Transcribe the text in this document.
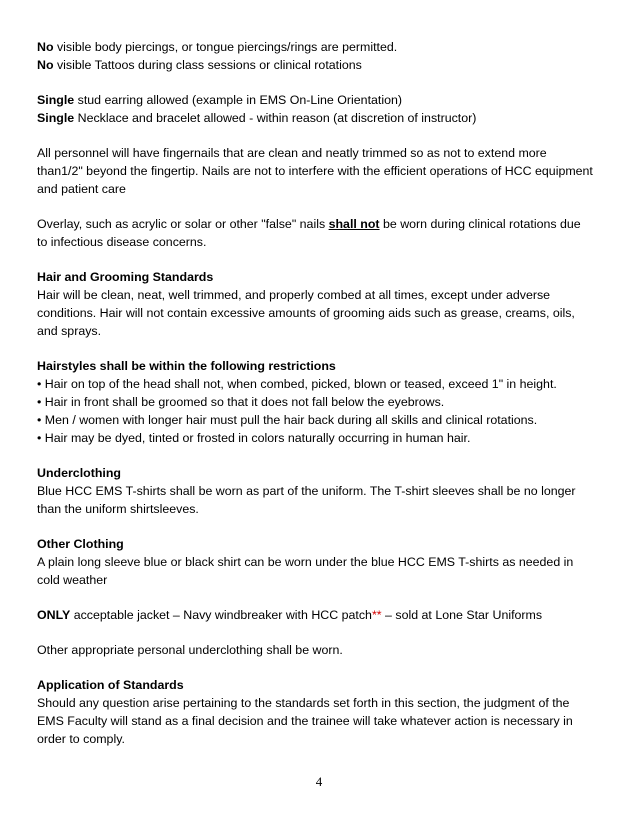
No visible body piercings, or tongue piercings/rings are permitted.
No visible Tattoos during class sessions or clinical rotations
Single stud earring allowed (example in EMS On-Line Orientation)
Single Necklace and bracelet allowed - within reason (at discretion of instructor)
All personnel will have fingernails that are clean and neatly trimmed so as not to extend more
than1/2" beyond the fingertip. Nails are not to interfere with the efficient operations of HCC equipment
and patient care
Overlay, such as acrylic or solar or other "false" nails shall not be worn during clinical rotations due
to infectious disease concerns.
Hair and Grooming Standards
Hair will be clean, neat, well trimmed, and properly combed at all times, except under adverse
conditions. Hair will not contain excessive amounts of grooming aids such as grease, creams, oils,
and sprays.
Hairstyles shall be within the following restrictions
• Hair on top of the head shall not, when combed, picked, blown or teased, exceed 1" in height.
• Hair in front shall be groomed so that it does not fall below the eyebrows.
• Men / women with longer hair must pull the hair back during all skills and clinical rotations.
• Hair may be dyed, tinted or frosted in colors naturally occurring in human hair.
Underclothing
Blue HCC EMS T-shirts shall be worn as part of the uniform. The T-shirt sleeves shall be no longer
than the uniform shirtsleeves.
Other Clothing
A plain long sleeve blue or black shirt can be worn under the blue HCC EMS T-shirts as needed in
cold weather
ONLY acceptable jacket – Navy windbreaker with HCC patch** – sold at Lone Star Uniforms
Other appropriate personal underclothing shall be worn.
Application of Standards
Should any question arise pertaining to the standards set forth in this section, the judgment of the
EMS Faculty will stand as a final decision and the trainee will take whatever action is necessary in
order to comply.
4
